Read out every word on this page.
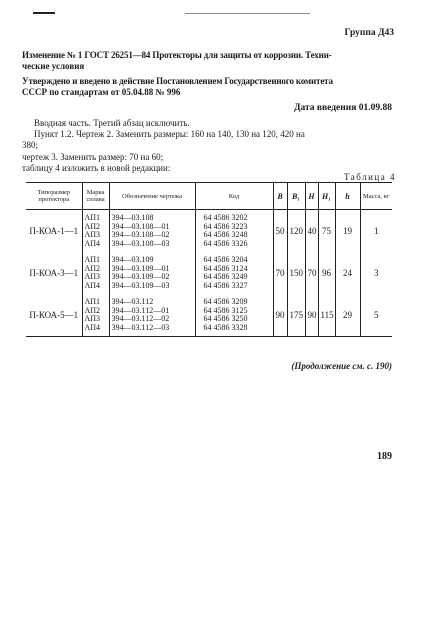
Группа Д43
Изменение № 1 ГОСТ 26251—84 Протекторы для защиты от коррозии. Техни-
ческие условия
Утверждено и введено в действие Постановлением Государственного комитета
СССР по стандартам от 05.04.88 № 996
Дата введения 01.09.88
Вводная часть. Третий абзац исключить.
Пункт 1.2. Чертеж 2. Заменить размеры: 160 на 140, 130 на 120, 420 на
380;
чертеж 3. Заменить размер: 70 на 60;
таблицу 4 изложить в новой редакции:
Таблица 4
Типоразмер протектора	Марка сплава	Обозначение чертежа	Код	B	B₁	H	H₁	h	Масса, кг
П-КОА-1—1	АП1
АП2
АП3
АП4	394—03.108
394—03.108—01
394—03.108—02
394—03.108—03	64 4586 3202
64 4586 3223
64 4586 3248
64 4586 3326	50	120	40	75	19	1
П-КОА-3—1	АП1
АП2
АП3
АП4	394—03.109
394—03.109—01
394—03.109—02
394—03.109—03	64 4586 3204
64 4586 3124
64 4586 3249
64 4586 3327	70	150	70	96	24	3
П-КОА-5—1	АП1
АП2
АП3
АП4	394—03.112
394—03.112—01
394—03.112—02
394—03.112—03	64 4586 3209
64 4586 3125
64 4586 3250
64 4586 3328	90	175	90	115	29	5
(Продолжение см. с. 190)
189
